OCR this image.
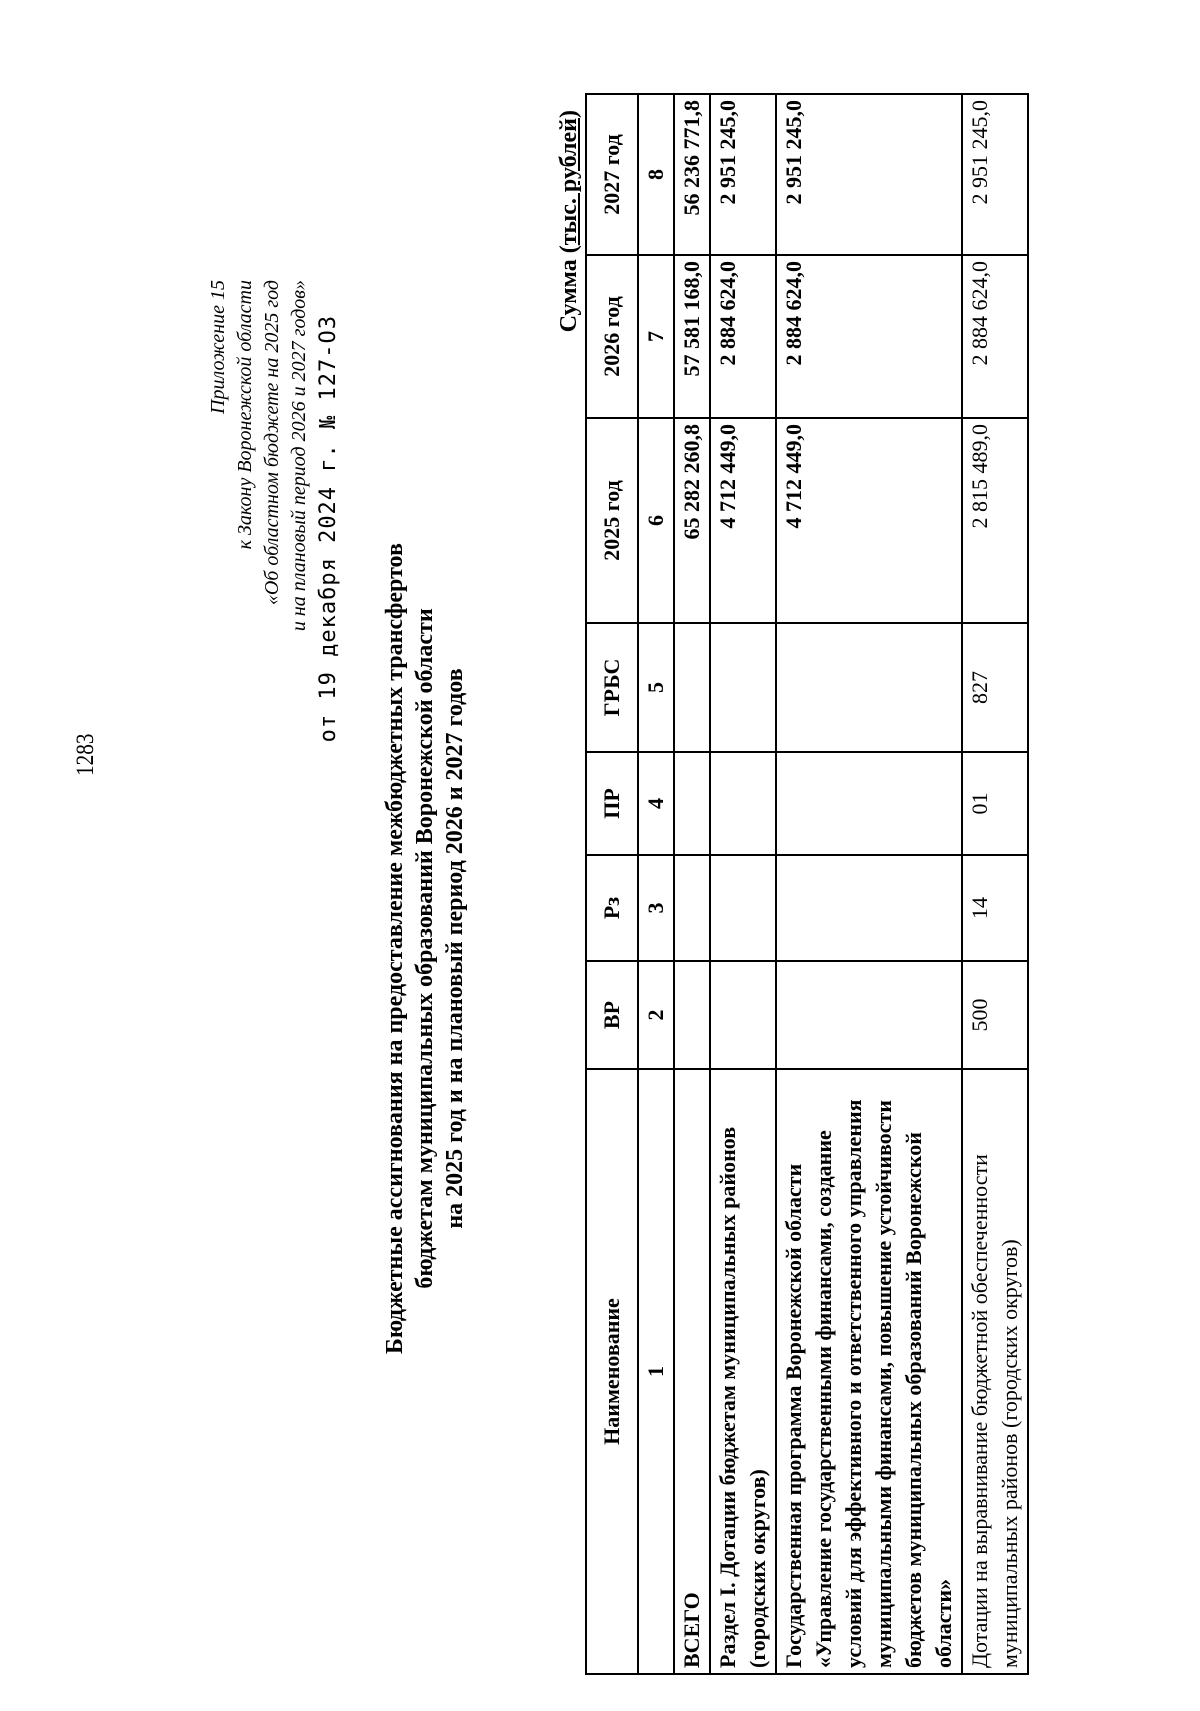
1283
Приложение 15 к Закону Воронежской области «Об областном бюджете на 2025 год и на плановый период 2026 и 2027 годов» от 19 декабря 2024 г. № 127-ОЗ
Бюджетные ассигнования на предоставление межбюджетных трансфертов бюджетам муниципальных образований Воронежской области на 2025 год и на плановый период 2026 и 2027 годов
Сумма (тыс. рублей)
Наименование	ВР	Рз	ПР	ГРБС	2025 год	2026 год	2027 год
1	2	3	4	5	6	7	8
ВСЕГО					65 282 260,8	57 581 168,0	56 236 771,8
Раздел I. Дотации бюджетам муниципальных районов (городских округов)					4 712 449,0	2 884 624,0	2 951 245,0
Государственная программа Воронежской области «Управление государственными финансами, создание условий для эффективного и ответственного управления муниципальными финансами, повышение устойчивости бюджетов муниципальных образований Воронежской области»					4 712 449,0	2 884 624,0	2 951 245,0
Дотации на выравнивание бюджетной обеспеченности муниципальных районов (городских округов)	500	14	01	827	2 815 489,0	2 884 624,0	2 951 245,0
